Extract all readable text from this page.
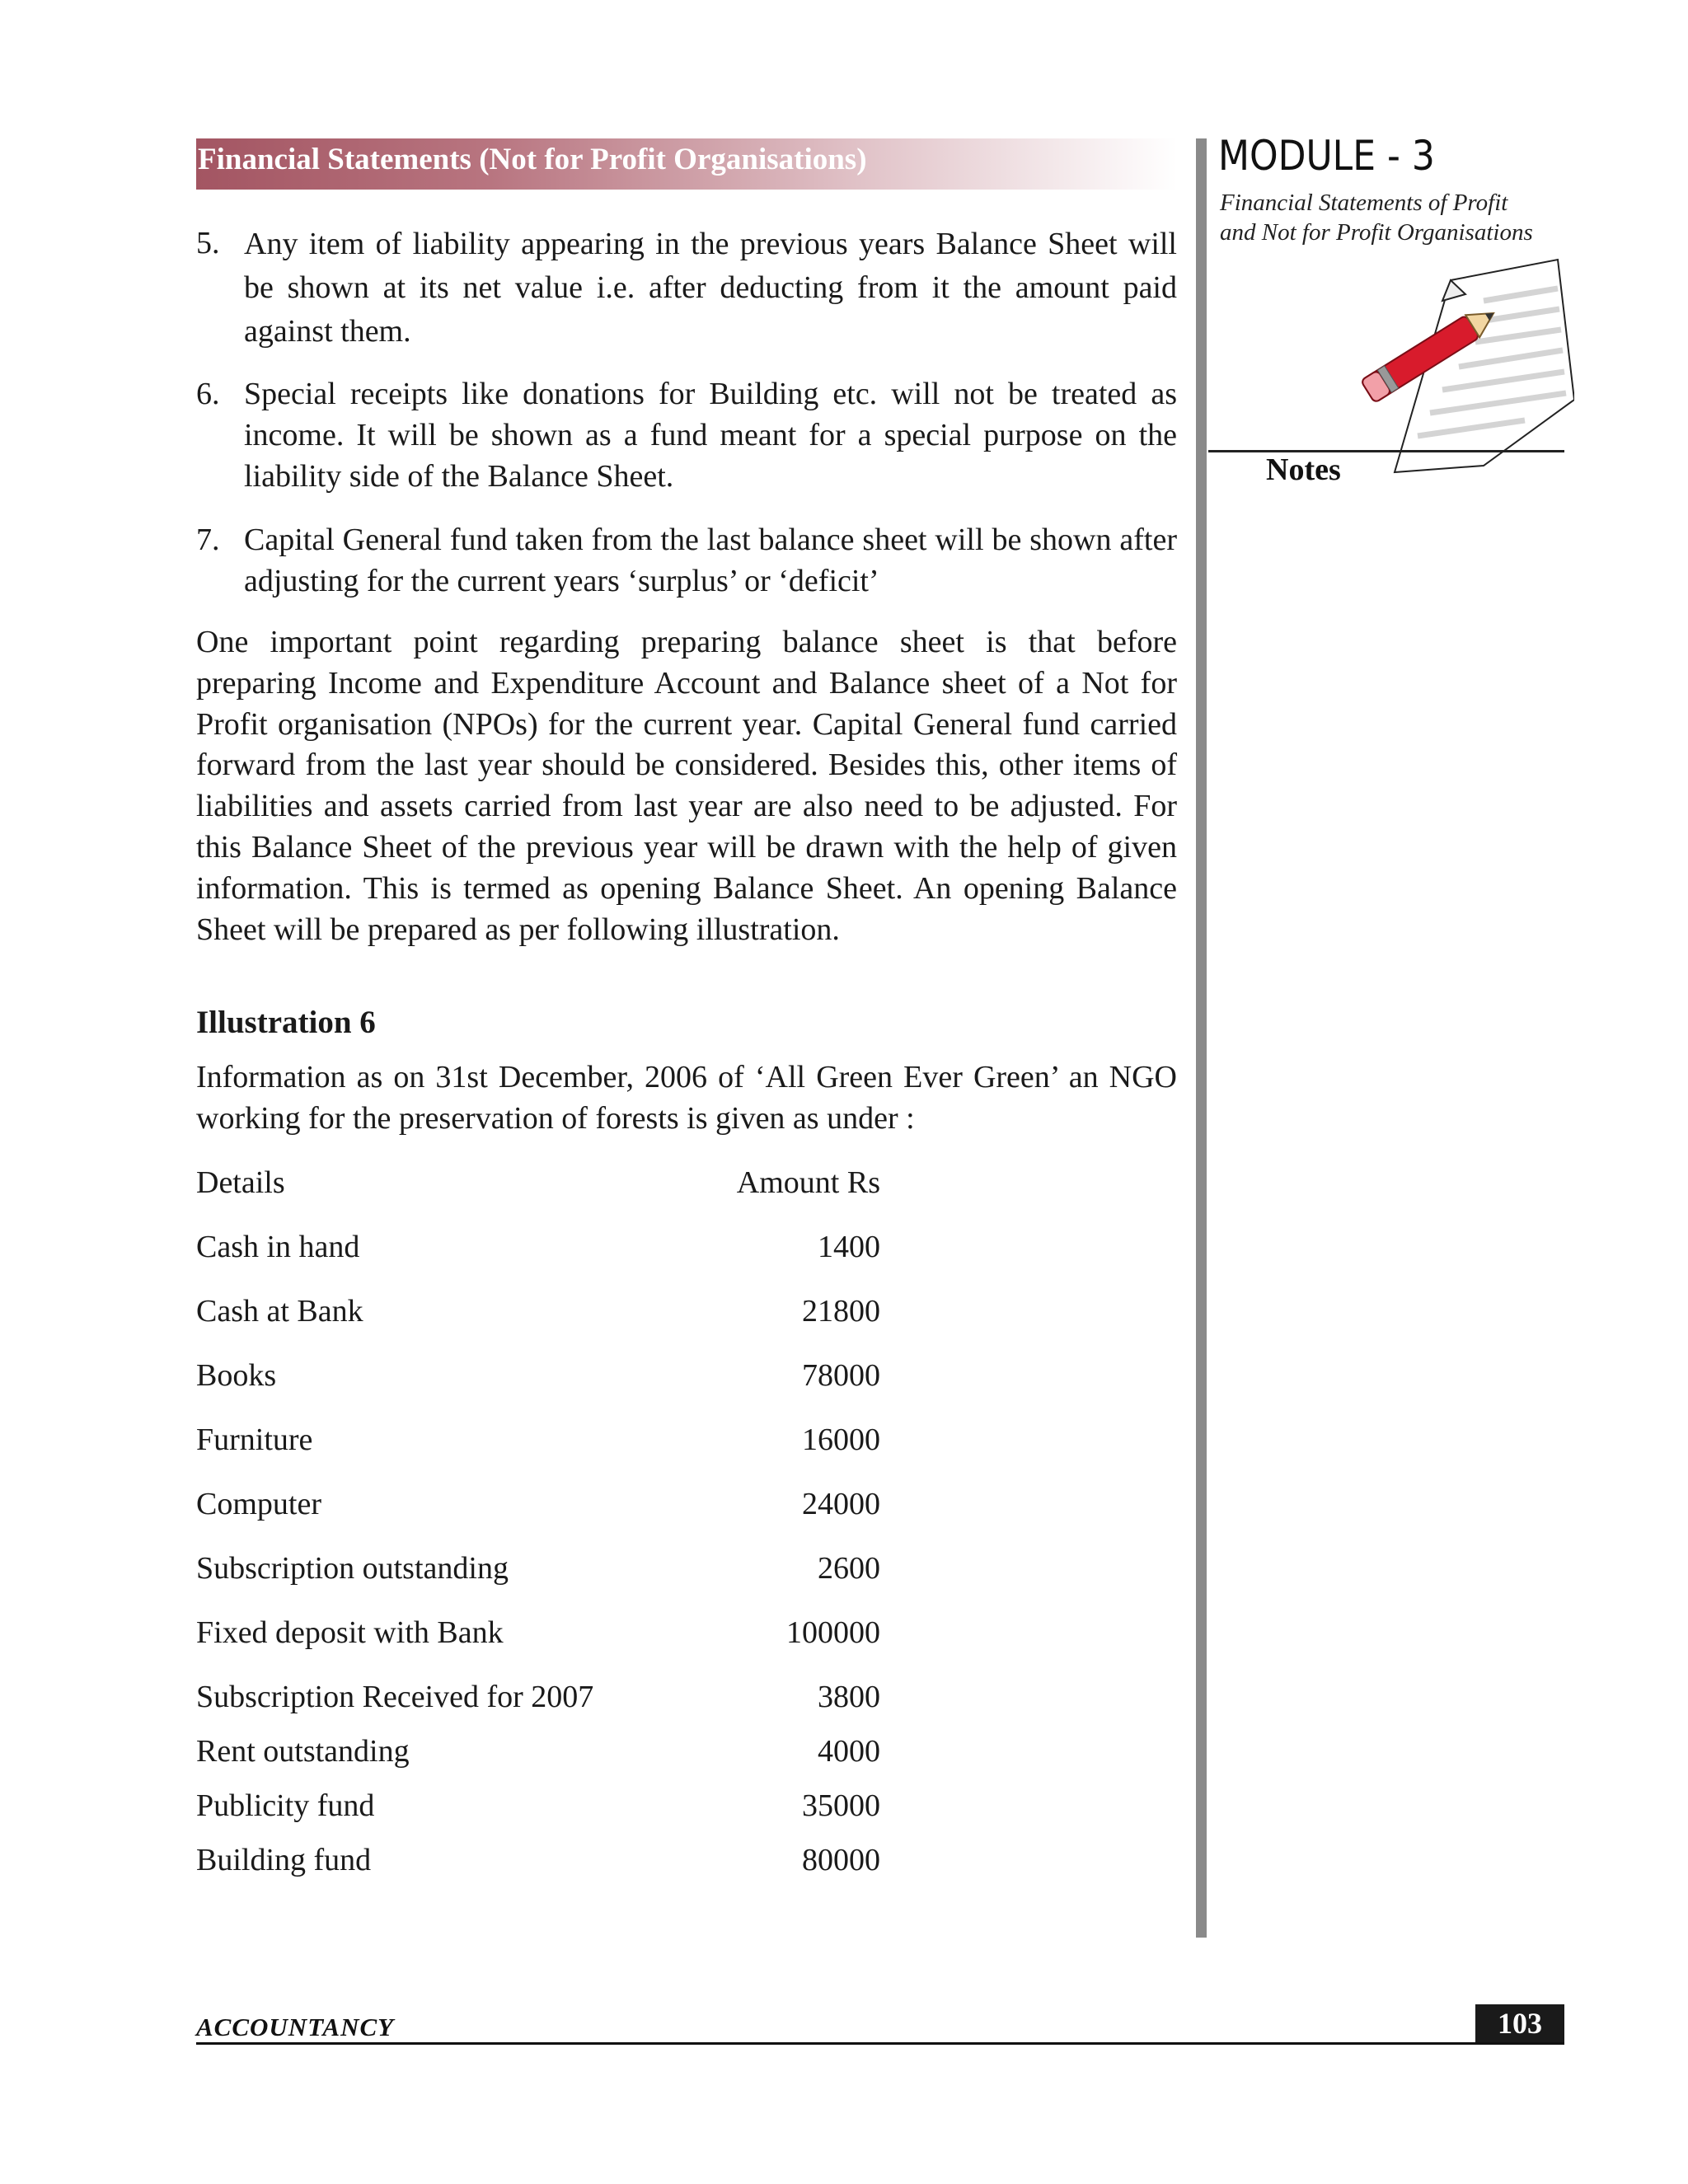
Financial Statements (Not for Profit Organisations)	MODULE - 3
Financial Statements of Profit
and Not for Profit Organisations
Notes
5. Any item of liability appearing in the previous years Balance Sheet will be shown at its net value i.e. after deducting from it the amount paid against them.
6. Special receipts like donations for Building etc. will not be treated as income. It will be shown as a fund meant for a special purpose on the liability side of the Balance Sheet.
7. Capital General fund taken from the last balance sheet will be shown after adjusting for the current years ‘surplus’ or ‘deficit’
One important point regarding preparing balance sheet is that before preparing Income and Expenditure Account and Balance sheet of a Not for Profit organisation (NPOs) for the current year. Capital General fund carried forward from the last year should be considered. Besides this, other items of liabilities and assets carried from last year are also need to be adjusted. For this Balance Sheet of the previous year will be drawn with the help of given information. This is termed as opening Balance Sheet. An opening Balance Sheet will be prepared as per following illustration.
Illustration 6
Information as on 31st December, 2006 of ‘All Green Ever Green’ an NGO working for the preservation of forests is given as under :
Details	Amount Rs
Cash in hand	1400
Cash at Bank	21800
Books	78000
Furniture	16000
Computer	24000
Subscription outstanding	2600
Fixed deposit with Bank	100000
Subscription Received for 2007	3800
Rent outstanding	4000
Publicity fund	35000
Building fund	80000
ACCOUNTANCY	103
